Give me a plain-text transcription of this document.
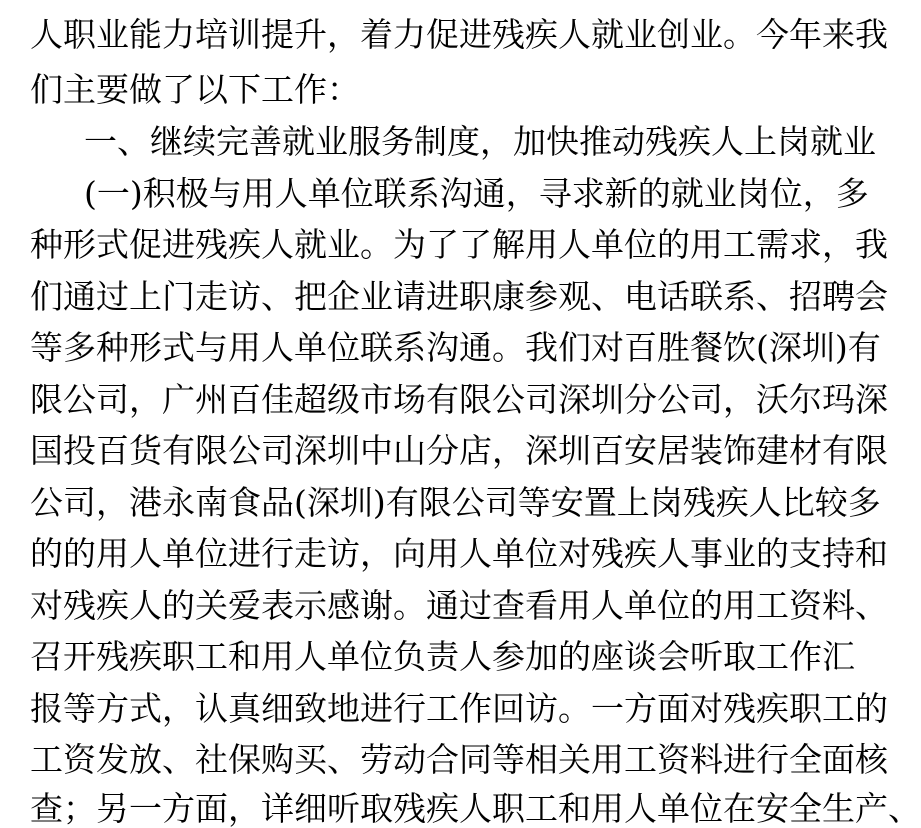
人职业能力培训提升，着力促进残疾人就业创业。今年来我

们主要做了以下工作：

一、继续完善就业服务制度，加快推动残疾人上岗就业

(一)积极与用人单位联系沟通，寻求新的就业岗位，多

种形式促进残疾人就业。为了了解用人单位的用工需求，我

们通过上门走访、把企业请进职康参观、电话联系、招聘会

等多种形式与用人单位联系沟通。我们对百胜餐饮(深圳)有

限公司，广州百佳超级市场有限公司深圳分公司，沃尔玛深

国投百货有限公司深圳中山分店，深圳百安居装饰建材有限

公司，港永南食品(深圳)有限公司等安置上岗残疾人比较多

的的用人单位进行走访，向用人单位对残疾人事业的支持和

对残疾人的关爱表示感谢。通过查看用人单位的用工资料、

召开残疾职工和用人单位负责人参加的座谈会听取工作汇

报等方式，认真细致地进行工作回访。一方面对残疾职工的

工资发放、社保购买、劳动合同等相关用工资料进行全面核

查；另一方面，详细听取残疾人职工和用人单位在安全生产、
